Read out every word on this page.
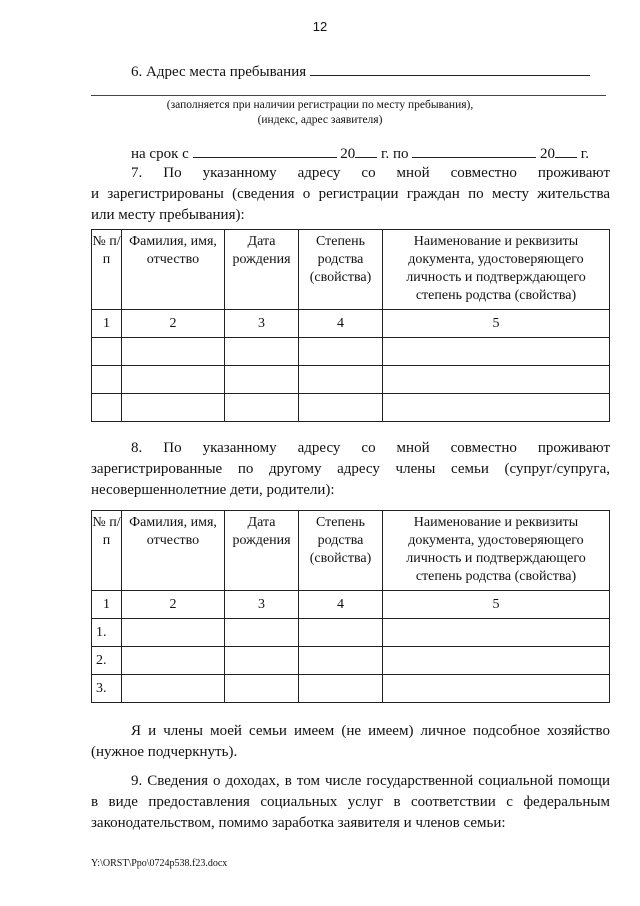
12
6. Адрес места пребывания
(заполняется при наличии регистрации по месту пребывания),
(индекс, адрес заявителя)
на срок с	20 г. по	20 г.
7. По указанному адресу со мной совместно проживают
и зарегистрированы (сведения о регистрации граждан по месту жительства
или месту пребывания):
№ п/п	Фамилия, имя, отчество	Дата рождения	Степень родства (свойства)	Наименование и реквизиты документа, удостоверяющего личность и подтверждающего степень родства (свойства)
1	2	3	4	5

8. По указанному адресу со мной совместно проживают
зарегистрированные по другому адресу члены семьи (супруг/супруга,
несовершеннолетние дети, родители):
№ п/п	Фамилия, имя, отчество	Дата рождения	Степень родства (свойства)	Наименование и реквизиты документа, удостоверяющего личность и подтверждающего степень родства (свойства)
1	2	3	4	5
1.				
2.				
3.				
Я и члены моей семьи имеем (не имеем) личное подсобное хозяйство
(нужное подчеркнуть).
9. Сведения о доходах, в том числе государственной социальной помощи
в виде предоставления социальных услуг в соответствии с федеральным
законодательством, помимо заработка заявителя и членов семьи:
Y:\ORST\Ppo\0724p538.f23.docx
